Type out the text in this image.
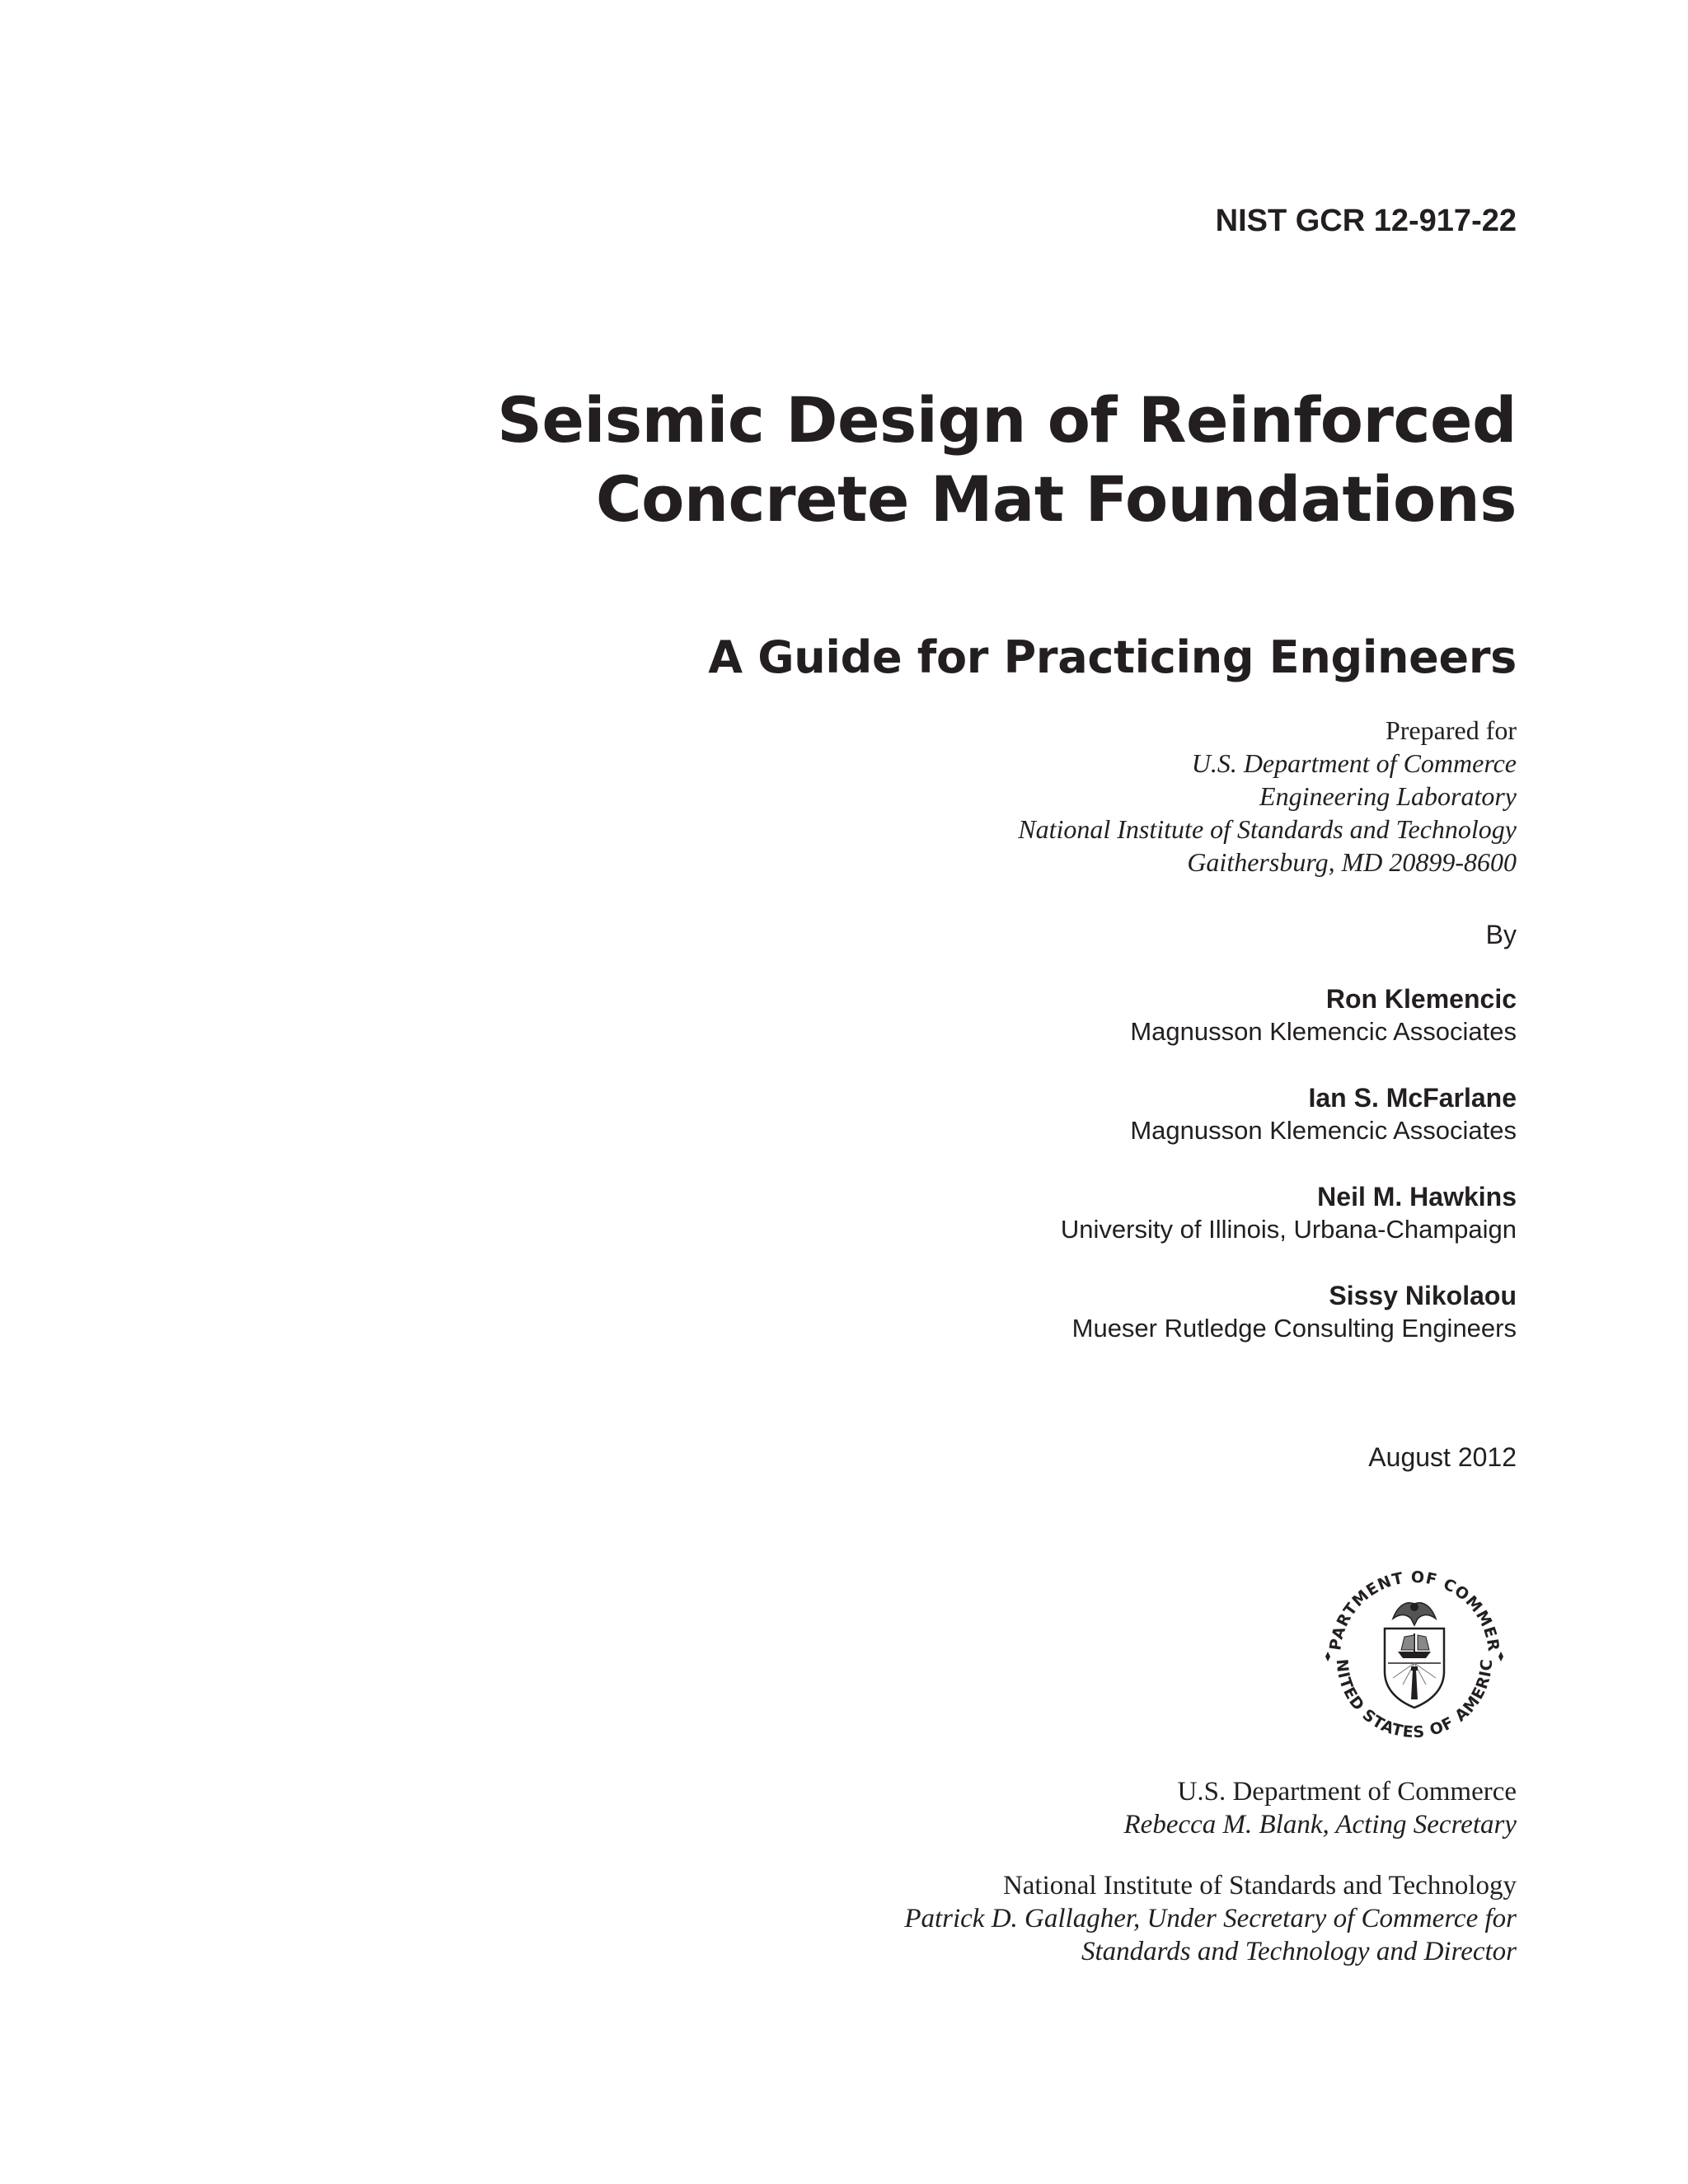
NIST GCR 12-917-22
Seismic Design of Reinforced
Concrete Mat Foundations
A Guide for Practicing Engineers
Prepared for
U.S. Department of Commerce
Engineering Laboratory
National Institute of Standards and Technology
Gaithersburg, MD 20899-8600
By
Ron Klemencic
Magnusson Klemencic Associates
Ian S. McFarlane
Magnusson Klemencic Associates
Neil M. Hawkins
University of Illinois, Urbana-Champaign
Sissy Nikolaou
Mueser Rutledge Consulting Engineers
August 2012
PARTMENT OF COMMER
NITED STATES OF AMERIC
U.S. Department of Commerce
Rebecca M. Blank, Acting Secretary
National Institute of Standards and Technology
Patrick D. Gallagher, Under Secretary of Commerce for
Standards and Technology and Director
